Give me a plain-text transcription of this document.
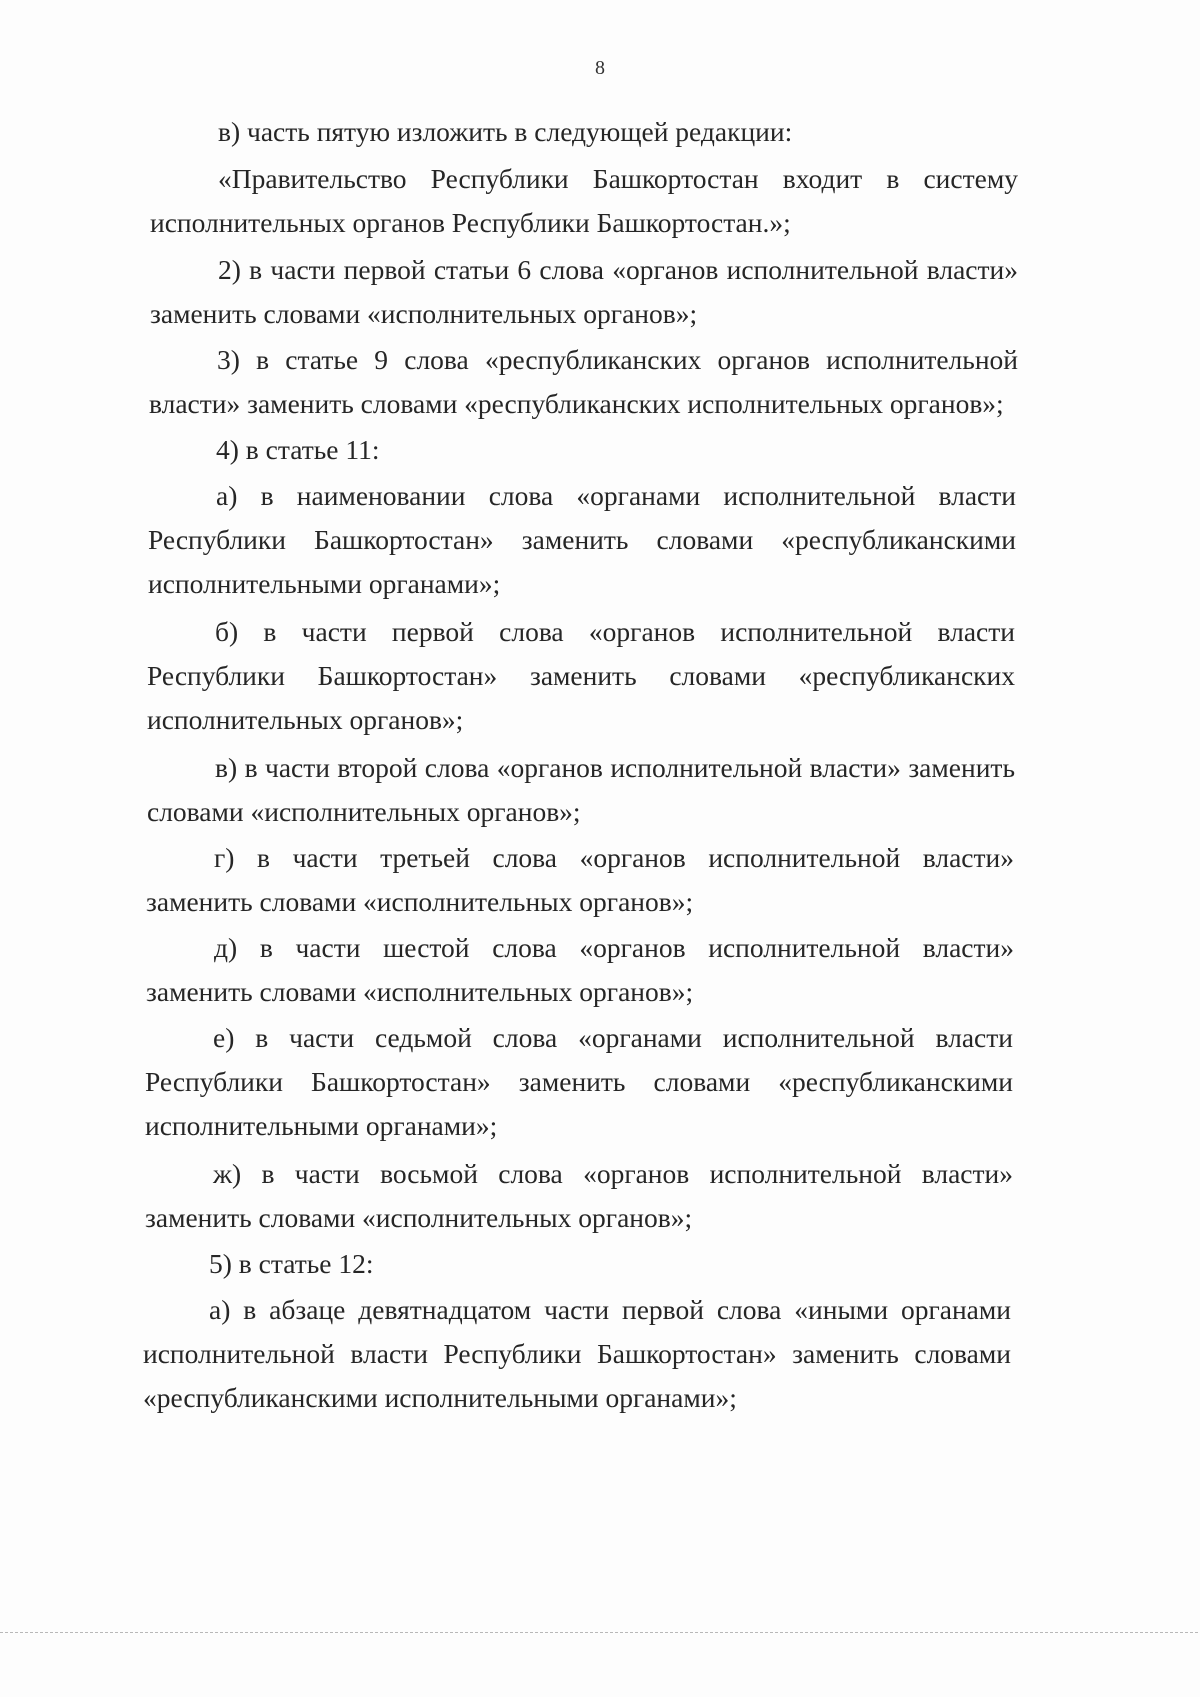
8

в) часть пятую изложить в следующей редакции:

«Правительство Республики Башкортостан входит в систему исполнительных органов Республики Башкортостан.»;

2) в части первой статьи 6 слова «органов исполнительной власти» заменить словами «исполнительных органов»;

3) в статье 9 слова «республиканских органов исполнительной власти» заменить словами «республиканских исполнительных органов»;

4) в статье 11:

а) в наименовании слова «органами исполнительной власти Республики Башкортостан» заменить словами «республиканскими исполнительными органами»;

б) в части первой слова «органов исполнительной власти Республики Башкортостан» заменить словами «республиканских исполнительных органов»;

в) в части второй слова «органов исполнительной власти» заменить словами «исполнительных органов»;

г) в части третьей слова «органов исполнительной власти» заменить словами «исполнительных органов»;

д) в части шестой слова «органов исполнительной власти» заменить словами «исполнительных органов»;

е) в части седьмой слова «органами исполнительной власти Республики Башкортостан» заменить словами «республиканскими исполнительными органами»;

ж) в части восьмой слова «органов исполнительной власти» заменить словами «исполнительных органов»;

5) в статье 12:

а) в абзаце девятнадцатом части первой слова «иными органами исполнительной власти Республики Башкортостан» заменить словами «республиканскими исполнительными органами»;
